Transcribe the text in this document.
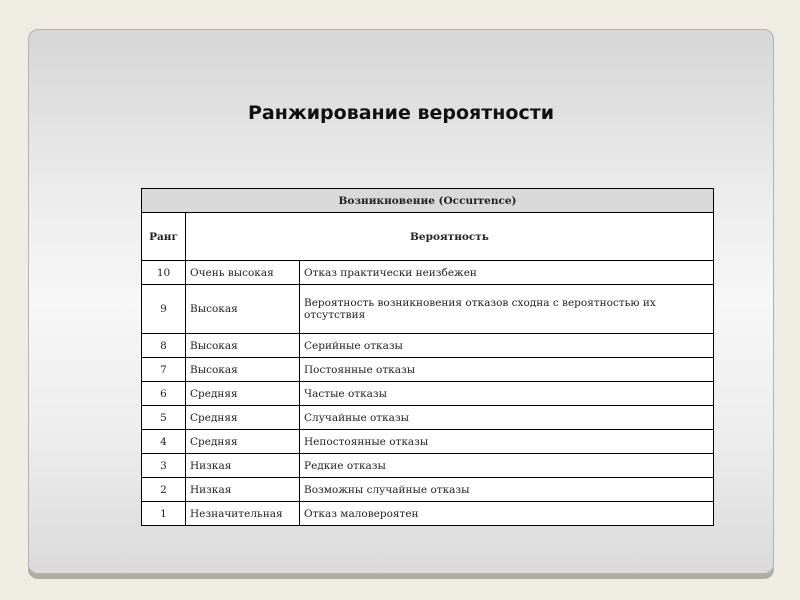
Ранжирование вероятности
Возникновение (Occurrence)		
Ранг	Вероятность	
10	Очень высокая	Отказ практически неизбежен
9	Высокая	Вероятность возникновения отказов сходна с вероятностью их отсутствия
8	Высокая	Серийные отказы
7	Высокая	Постоянные отказы
6	Средняя	Частые отказы
5	Средняя	Случайные отказы
4	Средняя	Непостоянные отказы
3	Низкая	Редкие отказы
2	Низкая	Возможны случайные отказы
1	Незначительная	Отказ маловероятен
